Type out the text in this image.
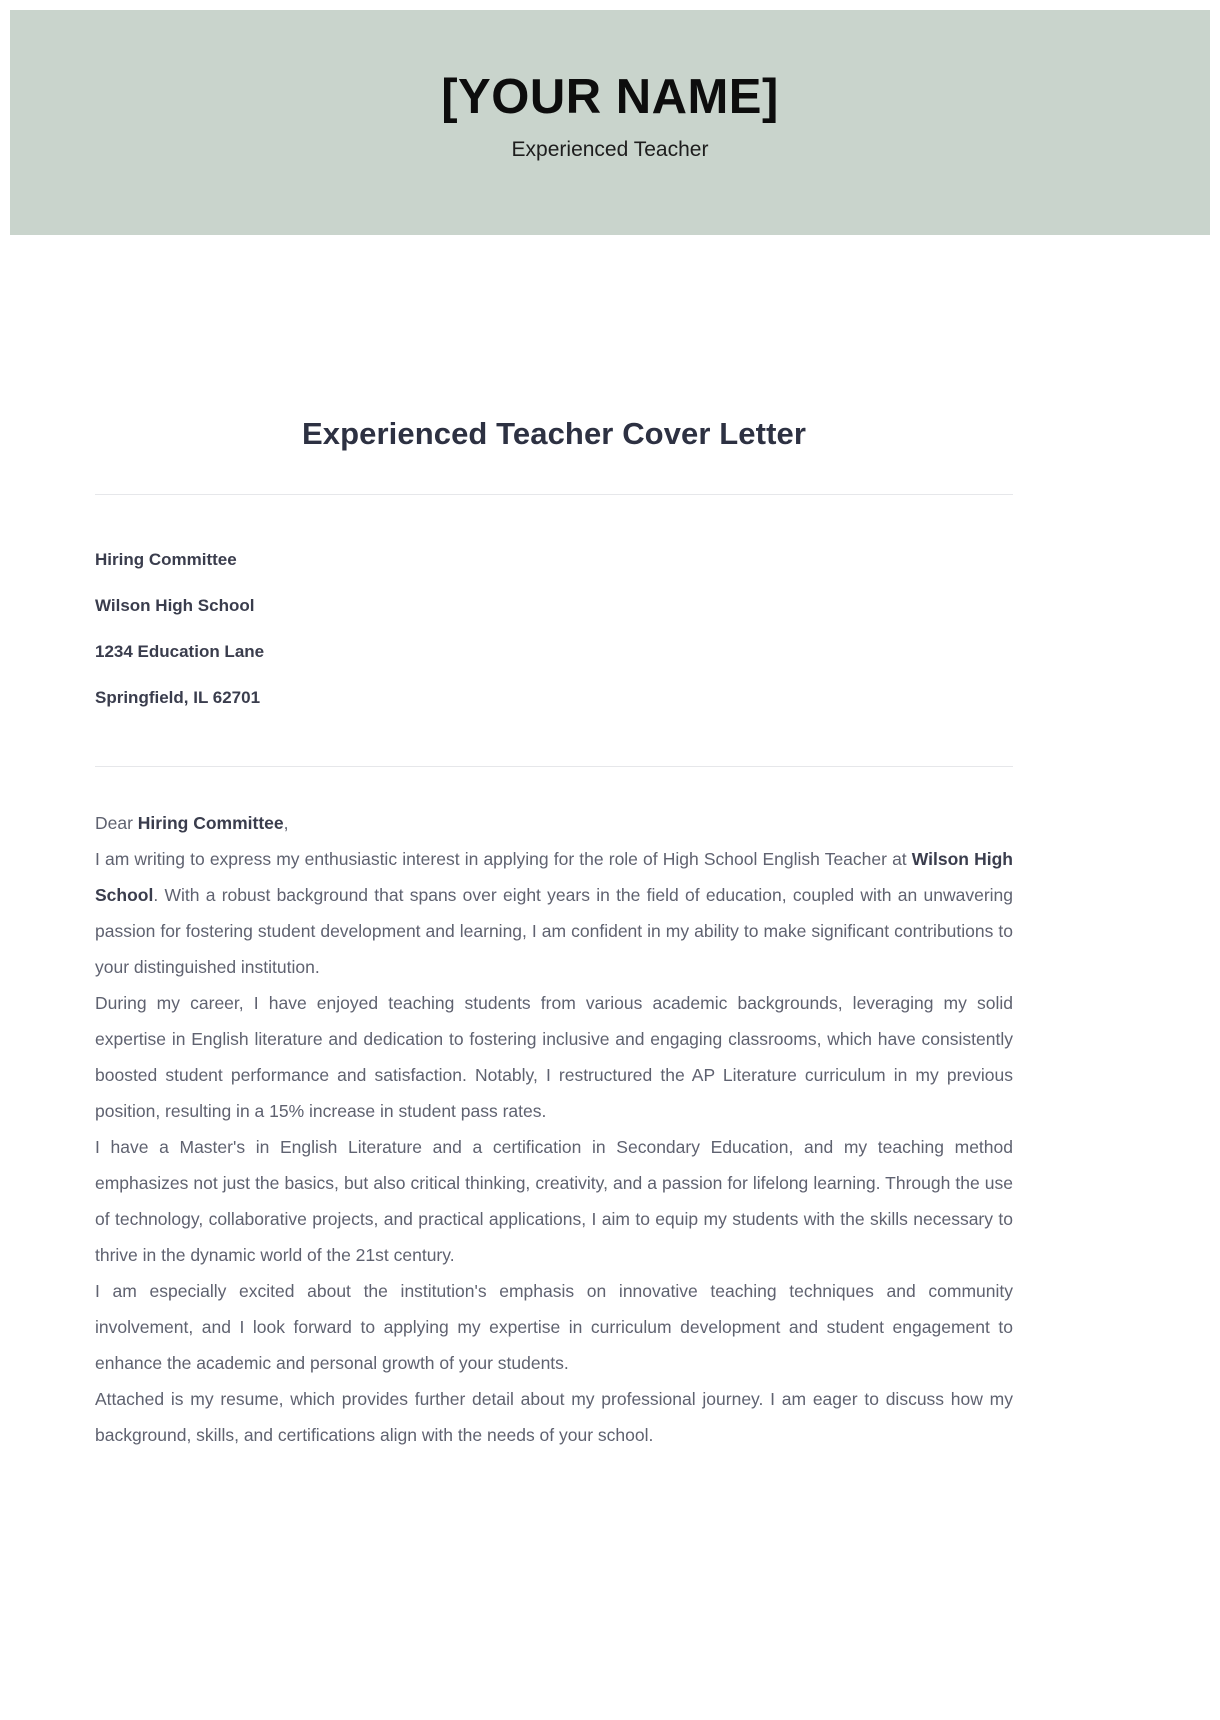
[YOUR NAME]
Experienced Teacher
Experienced Teacher Cover Letter
Hiring Committee
Wilson High School
1234 Education Lane
Springfield, IL 62701
Dear Hiring Committee,
I am writing to express my enthusiastic interest in applying for the role of High School English Teacher at Wilson High School. With a robust background that spans over eight years in the field of education, coupled with an unwavering passion for fostering student development and learning, I am confident in my ability to make significant contributions to your distinguished institution.
During my career, I have enjoyed teaching students from various academic backgrounds, leveraging my solid expertise in English literature and dedication to fostering inclusive and engaging classrooms, which have consistently boosted student performance and satisfaction. Notably, I restructured the AP Literature curriculum in my previous position, resulting in a 15% increase in student pass rates.
I have a Master's in English Literature and a certification in Secondary Education, and my teaching method emphasizes not just the basics, but also critical thinking, creativity, and a passion for lifelong learning. Through the use of technology, collaborative projects, and practical applications, I aim to equip my students with the skills necessary to thrive in the dynamic world of the 21st century.
I am especially excited about the institution's emphasis on innovative teaching techniques and community involvement, and I look forward to applying my expertise in curriculum development and student engagement to enhance the academic and personal growth of your students.
Attached is my resume, which provides further detail about my professional journey. I am eager to discuss how my background, skills, and certifications align with the needs of your school.
